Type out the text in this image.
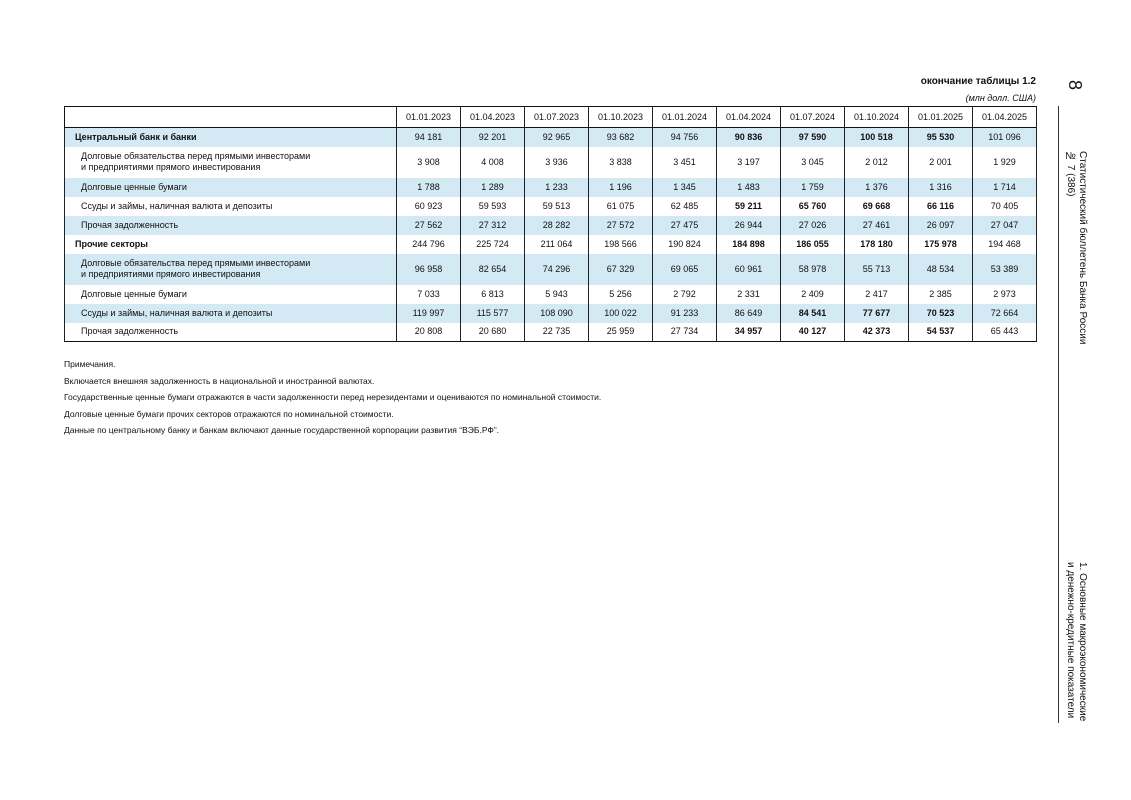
окончание таблицы 1.2
(млн долл. США)
	01.01.2023	01.04.2023	01.07.2023	01.10.2023	01.01.2024	01.04.2024	01.07.2024	01.10.2024	01.01.2025	01.04.2025
Центральный банк и банки	94 181	92 201	92 965	93 682	94 756	90 836	97 590	100 518	95 530	101 096
Долговые обязательства перед прямыми инвесторами
и предприятиями прямого инвестирования	3 908	4 008	3 936	3 838	3 451	3 197	3 045	2 012	2 001	1 929
Долговые ценные бумаги	1 788	1 289	1 233	1 196	1 345	1 483	1 759	1 376	1 316	1 714
Ссуды и займы, наличная валюта и депозиты	60 923	59 593	59 513	61 075	62 485	59 211	65 760	69 668	66 116	70 405
Прочая задолженность	27 562	27 312	28 282	27 572	27 475	26 944	27 026	27 461	26 097	27 047
Прочие секторы	244 796	225 724	211 064	198 566	190 824	184 898	186 055	178 180	175 978	194 468
Долговые обязательства перед прямыми инвесторами
и предприятиями прямого инвестирования	96 958	82 654	74 296	67 329	69 065	60 961	58 978	55 713	48 534	53 389
Долговые ценные бумаги	7 033	6 813	5 943	5 256	2 792	2 331	2 409	2 417	2 385	2 973
Ссуды и займы, наличная валюта и депозиты	119 997	115 577	108 090	100 022	91 233	86 649	84 541	77 677	70 523	72 664
Прочая задолженность	20 808	20 680	22 735	25 959	27 734	34 957	40 127	42 373	54 537	65 443
Примечания.
Включается внешняя задолженность в национальной и иностранной валютах.
Государственные ценные бумаги отражаются в части задолженности перед нерезидентами и оцениваются по номинальной стоимости.
Долговые ценные бумаги прочих секторов отражаются по номинальной стоимости.
Данные по центральному банку и банкам включают данные государственной корпорации развития “ВЭБ.РФ”.
8
Статистический бюллетень Банка России
№ 7 (386)
1. Основные макроэкономические
и денежно-кредитные показатели
